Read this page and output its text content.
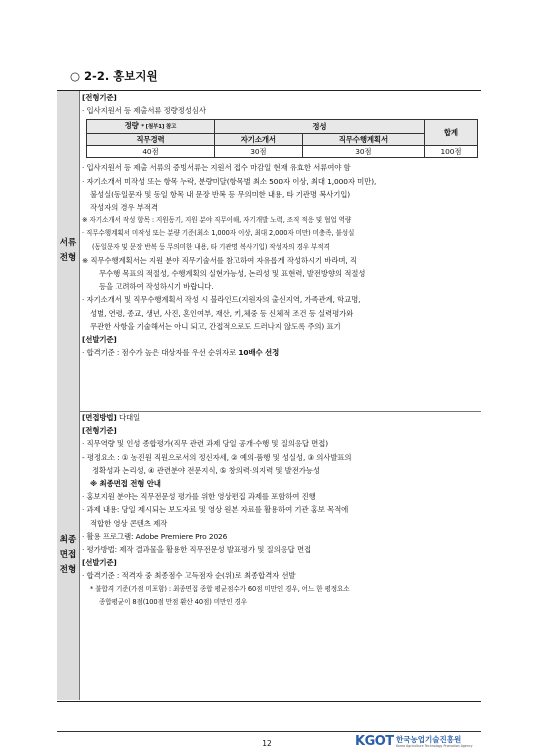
○ 2-2. 홍보지원
서류
전형
[전형기준]
· 입사지원서 등 제출서류 정량정성심사
정량 * [첨부1] 참고	정성		합계
직무경력	자기소개서	직무수행계획서	
40점	30점	30점	100점
· 입사지원서 등 제출 서류의 증빙서류는 지원서 접수 마감일 현재 유효한 서류여야 함
· 자기소개서 미작성 또는 항목 누락, 분량미달(항목별 최소 500자 이상, 최대 1,000자 미만),
불성실(동일문자 및 동일 항목 내 문장 반복 등 무의미한 내용, 타 기관명 복사기입)
작성자의 경우 부적격
※ 자기소개서 작성 항목 : 지원동기, 지원 분야 직무이해, 자기개발 노력, 조직 적응 및 협업 역량
· 직무수행계획서 미작성 또는 분량 기준(최소 1,000자 이상, 최대 2,000자 미만) 미충족, 불성실
(동일문자 및 문장 반복 등 무의미한 내용, 타 기관명 복사기입) 작성자의 경우 부적격
※ 직무수행계획서는 지원 분야 직무기술서를 참고하여 자유롭게 작성하시기 바라며, 직
무수행 목표의 적절성, 수행계획의 실현가능성, 논리성 및 표현력, 발전방향의 적절성
등을 고려하여 작성하시기 바랍니다.
· 자기소개서 및 직무수행계획서 작성 시 블라인드(지원자의 출신지역, 가족관계, 학교명,
성별, 연령, 종교, 생년, 사진, 혼인여부, 재산, 키,체중 등 신체적 조건 등 실력평가와
무관한 사항을 기술해서는 아니 되고, 간접적으로도 드러나지 않도록 주의) 표기
[선발기준]
· 합격기준 : 점수가 높은 대상자를 우선 순위자로 10배수 선정
최종
면접
전형
[면접방법] 다대일
[전형기준]
· 직무역량 및 인성 종합평가(직무 관련 과제 당일 공개·수행 및 질의응답 면접)
- 평정요소 : ① 농진원 직원으로서의 정신자세, ② 예의·품행 및 성실성, ③ 의사발표의
정확성과 논리성, ④ 관련분야 전문지식, ⑤ 창의력·의지력 및 발전가능성
※ 최종면접 전형 안내
· 홍보지원 분야는 직무전문성 평가를 위한 영상편집 과제를 포함하여 진행
· 과제 내용: 당일 제시되는 보도자료 및 영상 원본 자료를 활용하여 기관 홍보 목적에
적합한 영상 콘텐츠 제작
· 활용 프로그램: Adobe Premiere Pro 2026
· 평가방법: 제작 결과물을 활용한 직무전문성 발표평가 및 질의응답 면접
[선발기준]
· 합격기준 : 적격자 중 최종점수 고득점자 순(위)로 최종합격자 선발
* 불합격 기준(가점 미포함) : 최종면접 종합 평균점수가 60점 미만인 경우, 어느 한 평정요소
종합평균이 8점(100점 만점 환산 40점) 미만인 경우
12	KGOT 한국농업기술진흥원
Korea Agriculture Technology Promotion Agency
